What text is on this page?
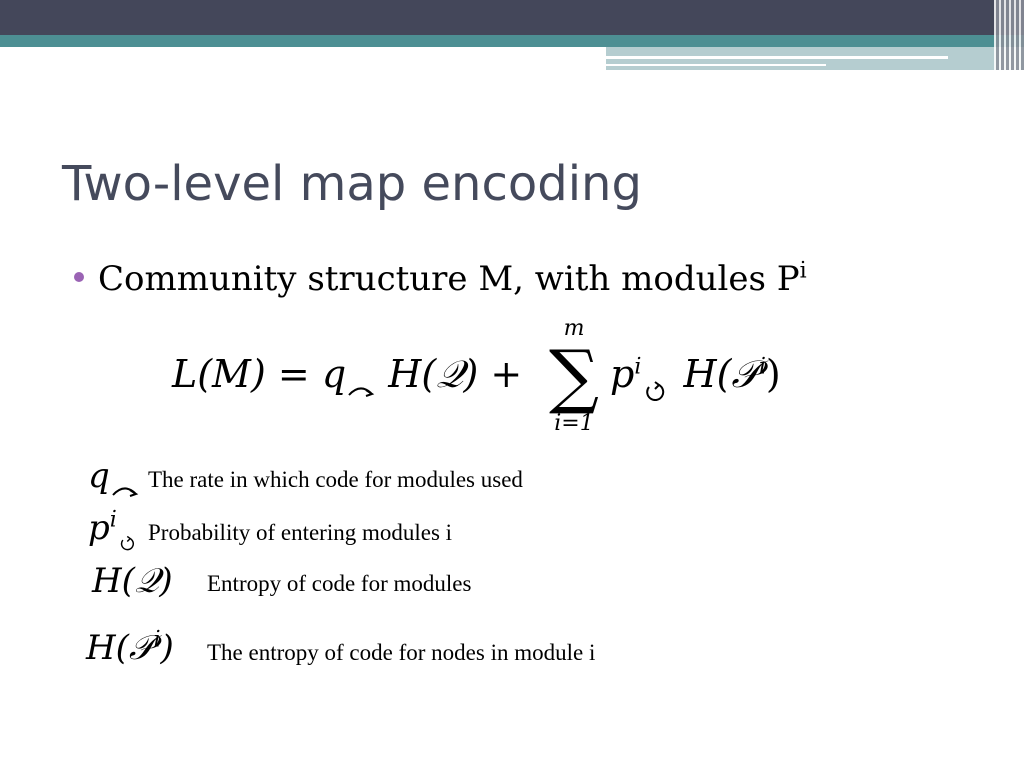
Two-level map encoding
Community structure M, with modules $P^i$
L(M) = q H(𝒬) +
m
∑
i=1
$p^i$ H(𝒫$^i$)
q	The rate in which code for modules used
$p^i$	Probability of entering modules i
H(𝒬) Entropy of code for modules
H(𝒫$^i$) The entropy of code for nodes in module i
